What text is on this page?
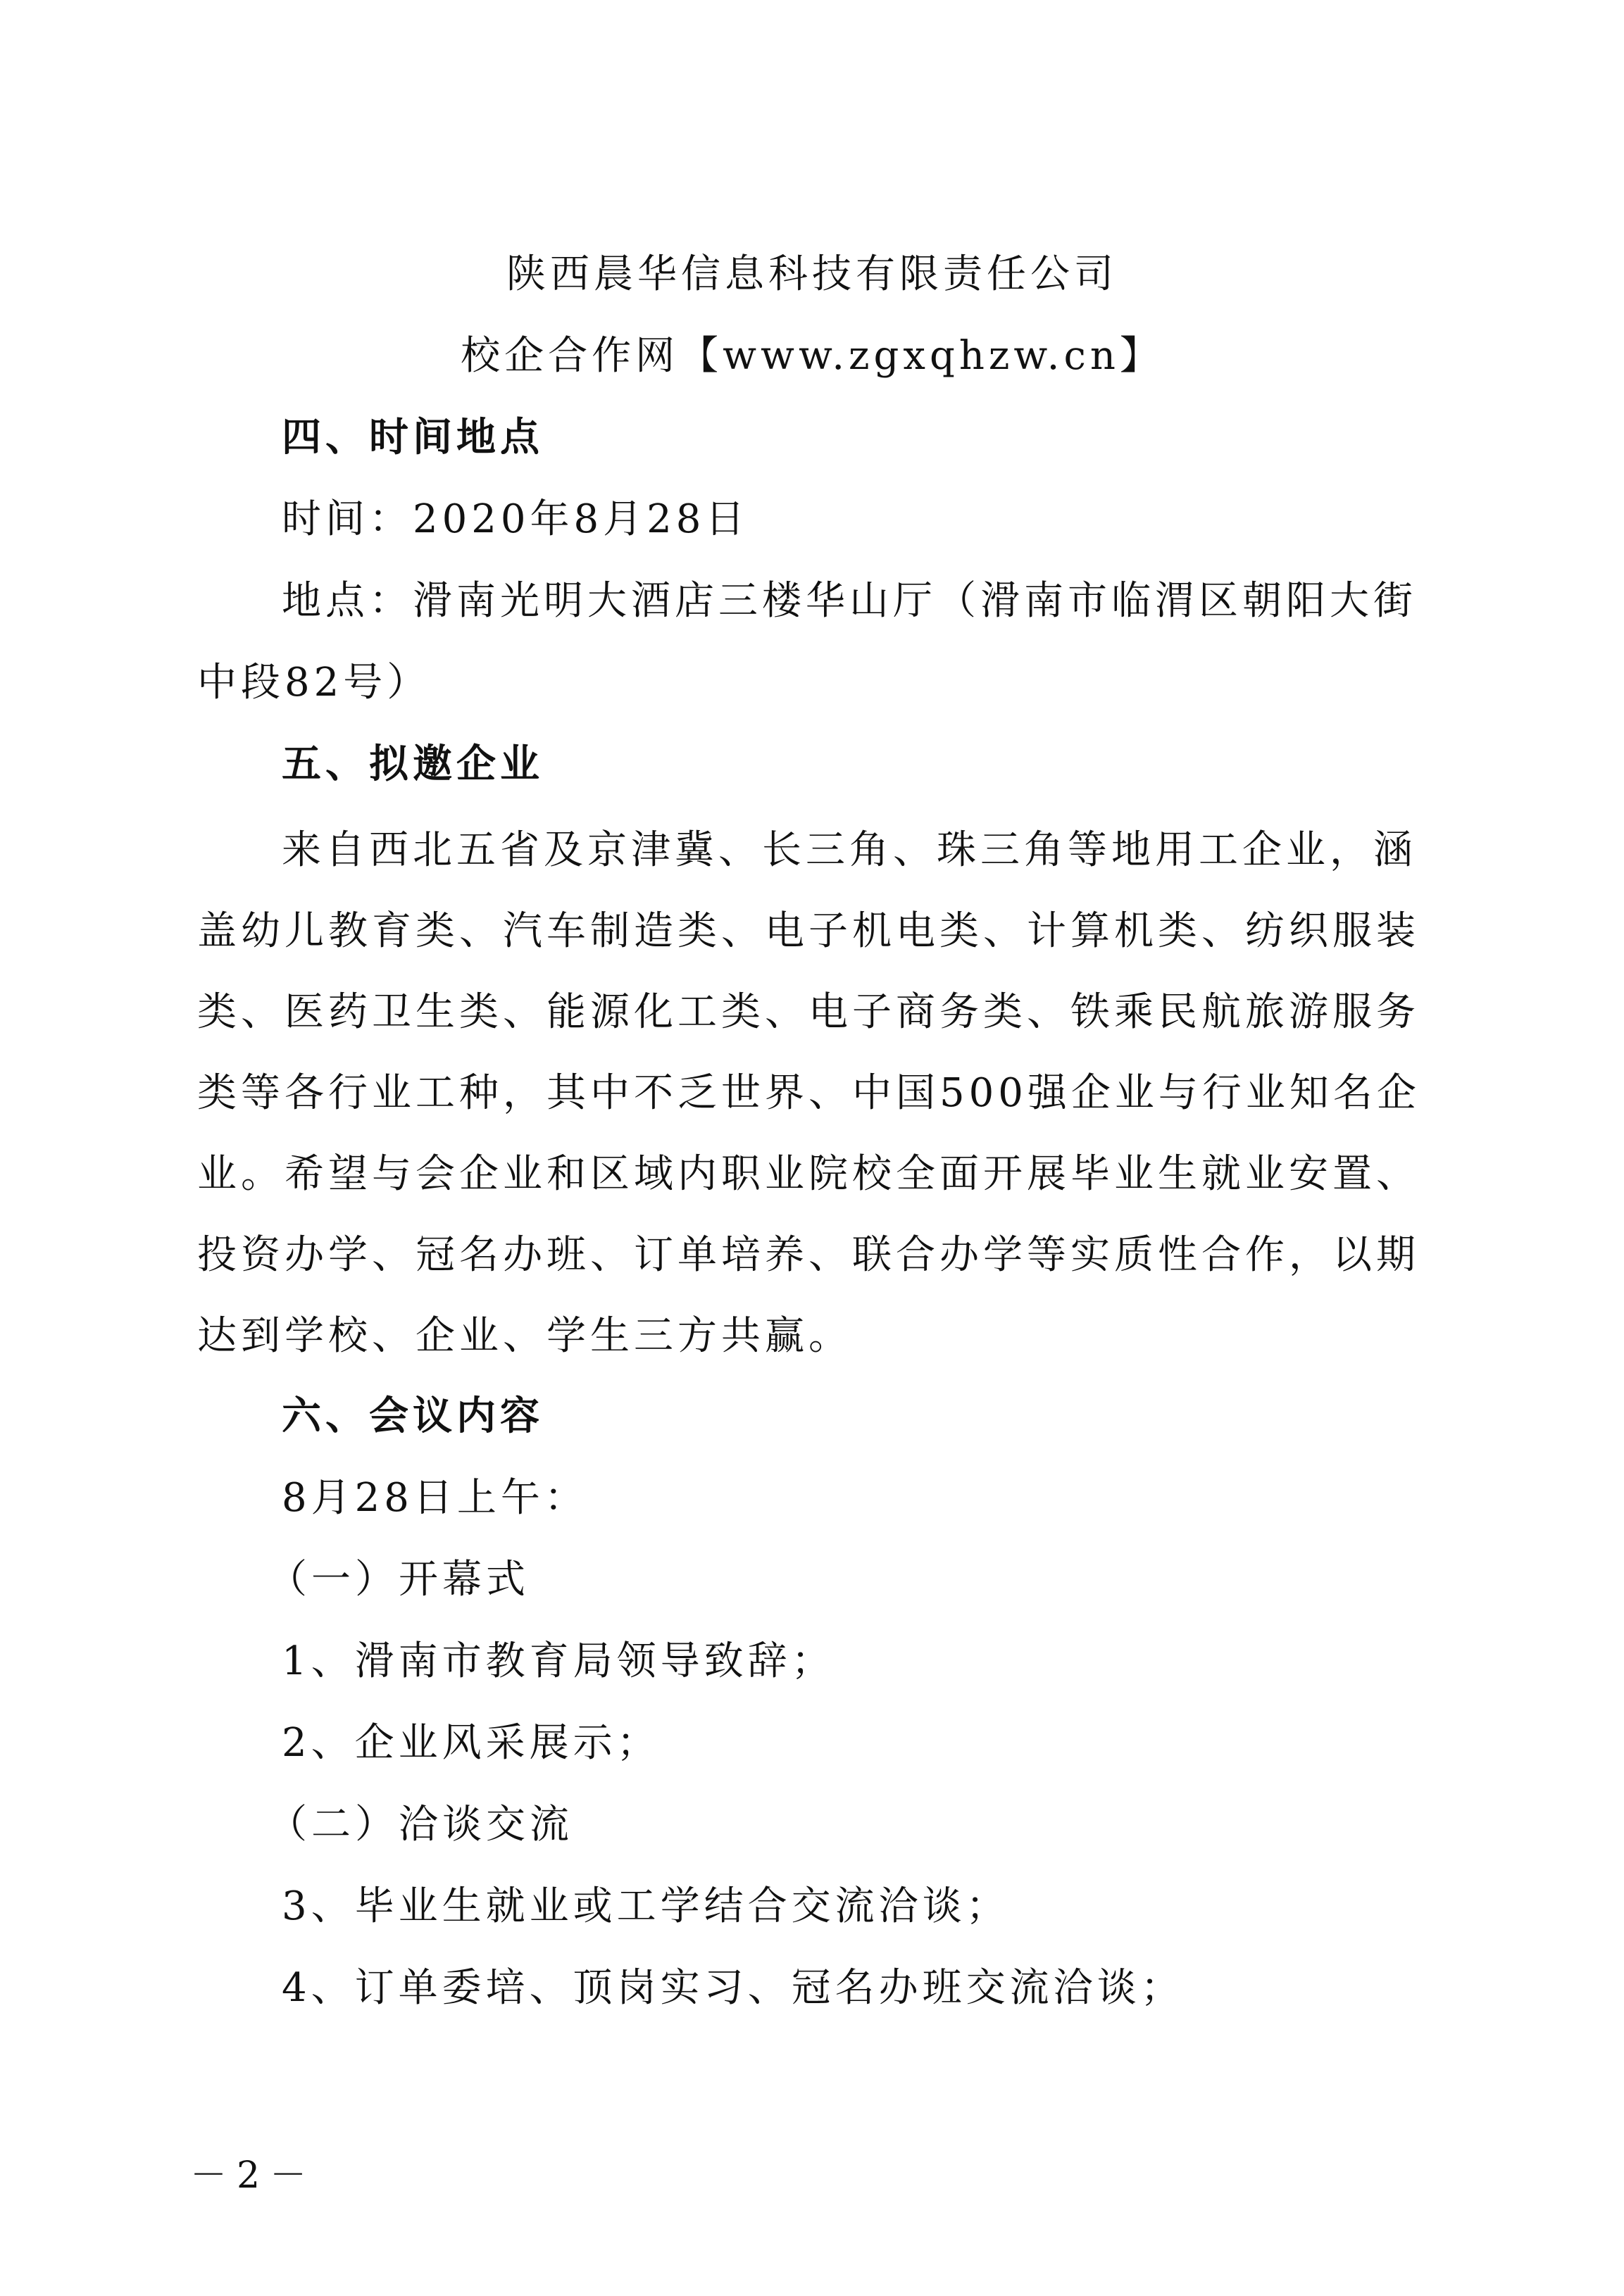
陕西晨华信息科技有限责任公司
校企合作网【www.zgxqhzw.cn】
四、时间地点
时间：2020年8月28日
地点：滑南光明大酒店三楼华山厅（滑南市临渭区朝阳大街
中段82号）
五、拟邀企业
来自西北五省及京津冀、长三角、珠三角等地用工企业，涵盖幼儿教育类、汽车制造类、电子机电类、计算机类、纺织服装类、医药卫生类、能源化工类、电子商务类、铁乘民航旅游服务类等各行业工种，其中不乏世界、中国500强企业与行业知名企业。希望与会企业和区域内职业院校全面开展毕业生就业安置、投资办学、冠名办班、订单培养、联合办学等实质性合作，以期达到学校、企业、学生三方共赢。
六、会议内容
8月28日上午：
（一）开幕式
1、滑南市教育局领导致辞；
2、企业风采展示；
（二）洽谈交流
3、毕业生就业或工学结合交流洽谈；
4、订单委培、顶岗实习、冠名办班交流洽谈；
－2－
